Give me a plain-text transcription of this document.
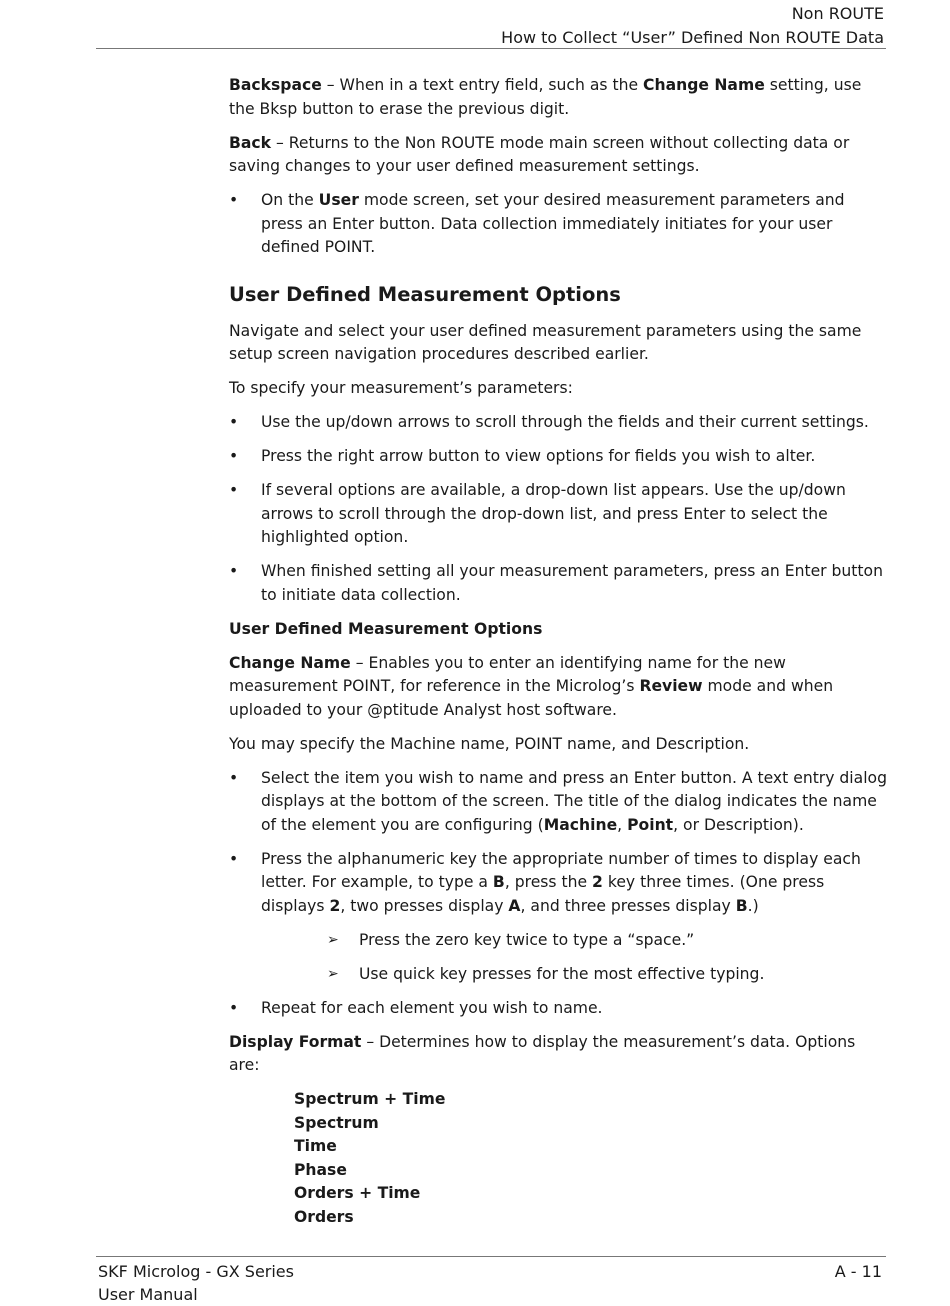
Non ROUTE
How to Collect “User” Defined Non ROUTE Data

Backspace – When in a text entry field, such as the Change Name setting, use the Bksp button to erase the previous digit.

Back – Returns to the Non ROUTE mode main screen without collecting data or saving changes to your user defined measurement settings.

• On the User mode screen, set your desired measurement parameters and press an Enter button. Data collection immediately initiates for your user defined POINT.
User Defined Measurement Options

Navigate and select your user defined measurement parameters using the same setup screen navigation procedures described earlier.

To specify your measurement’s parameters:

• Use the up/down arrows to scroll through the fields and their current settings.
• Press the right arrow button to view options for fields you wish to alter.
• If several options are available, a drop-down list appears. Use the up/down arrows to scroll through the drop-down list, and press Enter to select the highlighted option.
• When finished setting all your measurement parameters, press an Enter button to initiate data collection.
User Defined Measurement Options

Change Name – Enables you to enter an identifying name for the new measurement POINT, for reference in the Microlog’s Review mode and when uploaded to your @ptitude Analyst host software.

You may specify the Machine name, POINT name, and Description.

• Select the item you wish to name and press an Enter button. A text entry dialog displays at the bottom of the screen. The title of the dialog indicates the name of the element you are configuring (Machine, Point, or Description).
• Press the alphanumeric key the appropriate number of times to display each letter. For example, to type a B, press the 2 key three times. (One press displays 2, two presses display A, and three presses display B.)
➢ Press the zero key twice to type a “space.”
➢ Use quick key presses for the most effective typing.
• Repeat for each element you wish to name.

Display Format – Determines how to display the measurement’s data. Options are:

Spectrum + Time
Spectrum
Time
Phase
Orders + Time
Orders
SKF Microlog - GX Series
User Manual
A - 11
